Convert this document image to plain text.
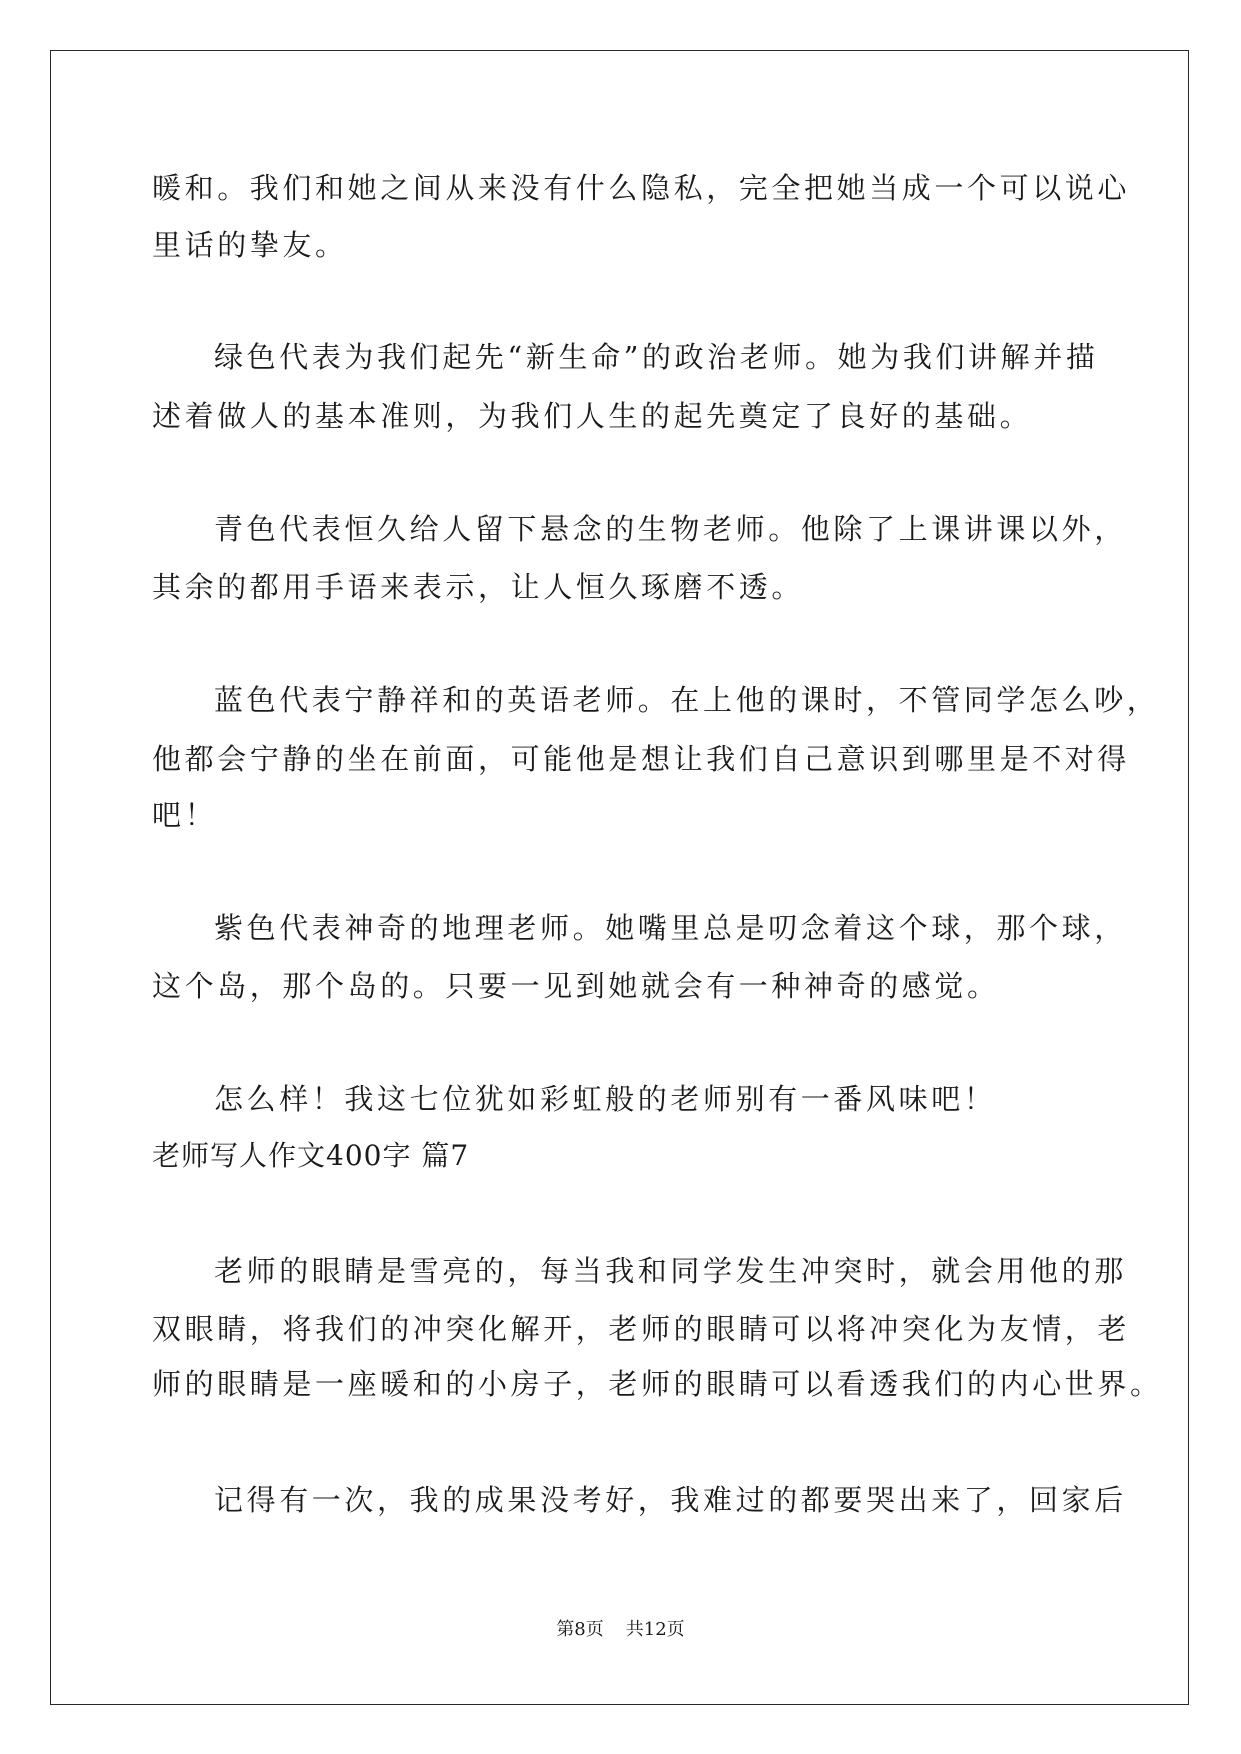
暖和。我们和她之间从来没有什么隐私，完全把她当成一个可以说心
里话的挚友。
绿色代表为我们起先“新生命”的政治老师。她为我们讲解并描
述着做人的基本准则，为我们人生的起先奠定了良好的基础。
青色代表恒久给人留下悬念的生物老师。他除了上课讲课以外，
其余的都用手语来表示，让人恒久琢磨不透。
蓝色代表宁静祥和的英语老师。在上他的课时，不管同学怎么吵，
他都会宁静的坐在前面，可能他是想让我们自己意识到哪里是不对得
吧！
紫色代表神奇的地理老师。她嘴里总是叨念着这个球，那个球，
这个岛，那个岛的。只要一见到她就会有一种神奇的感觉。
怎么样！我这七位犹如彩虹般的老师别有一番风味吧！
老师写人作文400字 篇7
老师的眼睛是雪亮的，每当我和同学发生冲突时，就会用他的那
双眼睛，将我们的冲突化解开，老师的眼睛可以将冲突化为友情，老
师的眼睛是一座暖和的小房子，老师的眼睛可以看透我们的内心世界。
记得有一次，我的成果没考好，我难过的都要哭出来了，回家后
第8页 共12页
